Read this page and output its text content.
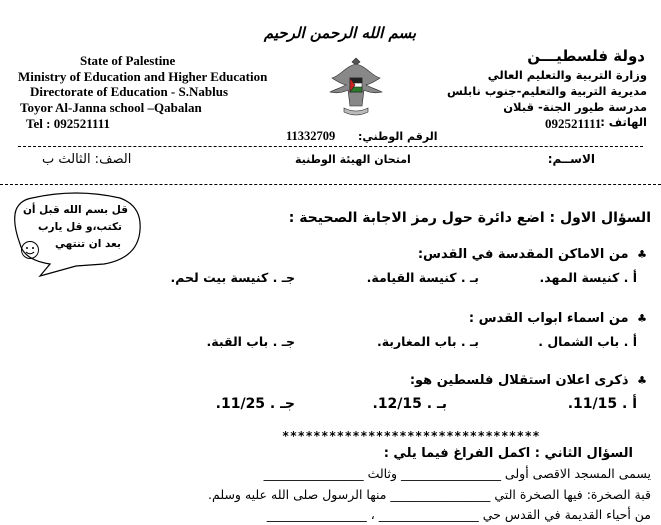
بسم الله الرحمن الرحيم
State of Palestine
Ministry of Education and Higher Education
Directorate of Education - S.Nablus
Toyor Al-Janna school –Qabalan
Tel : 092521111
دولة فلسطيـــن
وزارة التربية والتعليم العالي
مديرية التربية والتعليم-جنوب نابلس
مدرسة طيور الجنة- قبلان
الهاتف :
092521111
الرقم الوطني:
11332709
الاســم:
امتحان الهيئة الوطنية
الصف: الثالث ب
قل بسم الله قبل أن
تكتب،و قل يارب
بعد ان تنتهي
السؤال الاول : اضع دائرة حول رمز الاجابة الصحيحة :
♣ من الاماكن المقدسة في القدس:
أ . كنيسة المهد.
بـ . كنيسة القيامة.
جـ . كنيسة بيت لحم.
♣ من اسماء ابواب القدس :
أ . باب الشمال .
بـ . باب المغاربة.
جـ . باب القبة.
♣ ذكرى اعلان استقلال فلسطين هو:
أ . 11/15.
بـ . 12/15.
جـ . 11/25.
*********************************
السؤال الثاني : اكمل الفراغ فيما يلي :
يسمى المسجد الاقصى أولى ________________ وثالث ________________
قبة الصخرة: فيها الصخرة التي ________________ منها الرسول صلى الله عليه وسلم.
من أحياء القديمة في القدس حي ________________ ، ________________
